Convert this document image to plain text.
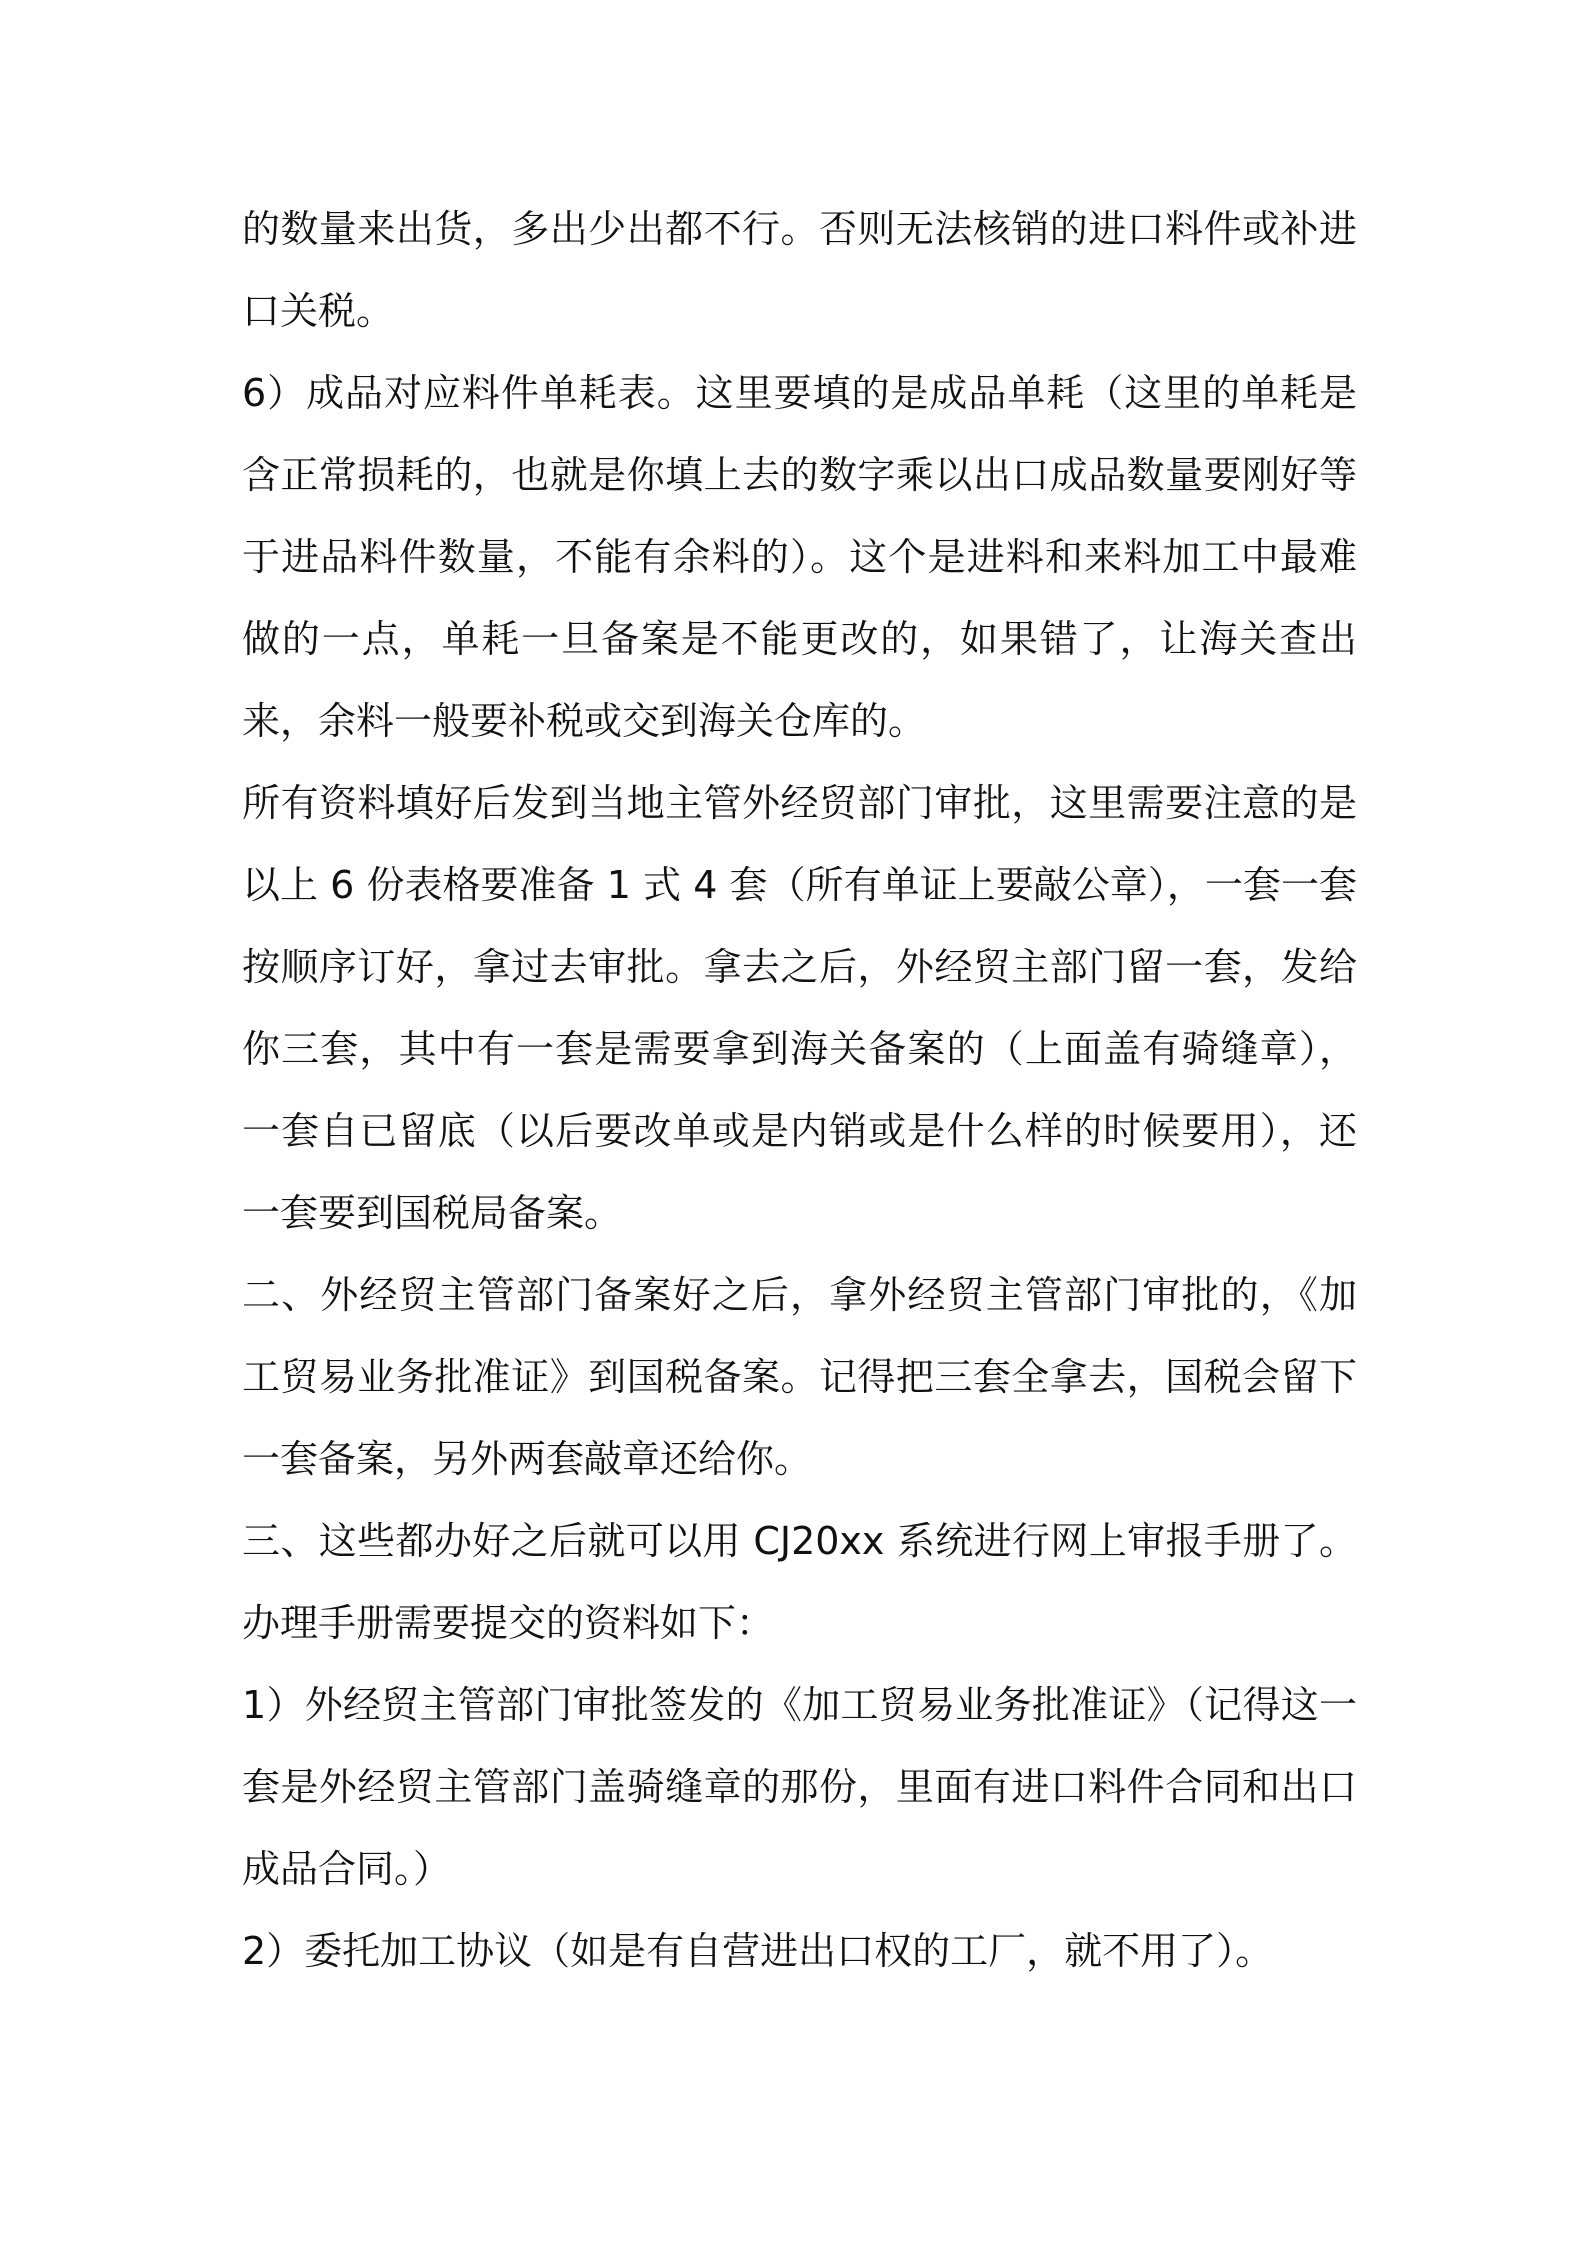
的数量来出货，多出少出都不行。否则无法核销的进口料件或补进口关税。

6）成品对应料件单耗表。这里要填的是成品单耗（这里的单耗是含正常损耗的，也就是你填上去的数字乘以出口成品数量要刚好等于进品料件数量，不能有余料的）。这个是进料和来料加工中最难做的一点，单耗一旦备案是不能更改的，如果错了，让海关查出来，余料一般要补税或交到海关仓库的。

所有资料填好后发到当地主管外经贸部门审批，这里需要注意的是以上 6 份表格要准备 1 式 4 套（所有单证上要敲公章），一套一套按顺序订好，拿过去审批。拿去之后，外经贸主部门留一套，发给你三套，其中有一套是需要拿到海关备案的（上面盖有骑缝章），一套自已留底（以后要改单或是内销或是什么样的时候要用），还一套要到国税局备案。

二、外经贸主管部门备案好之后，拿外经贸主管部门审批的，《加工贸易业务批准证》到国税备案。记得把三套全拿去，国税会留下一套备案，另外两套敲章还给你。

三、这些都办好之后就可以用 CJ20xx 系统进行网上审报手册了。办理手册需要提交的资料如下：

1）外经贸主管部门审批签发的《加工贸易业务批准证》（记得这一套是外经贸主管部门盖骑缝章的那份，里面有进口料件合同和出口成品合同。）

2）委托加工协议（如是有自营进出口权的工厂，就不用了）。
